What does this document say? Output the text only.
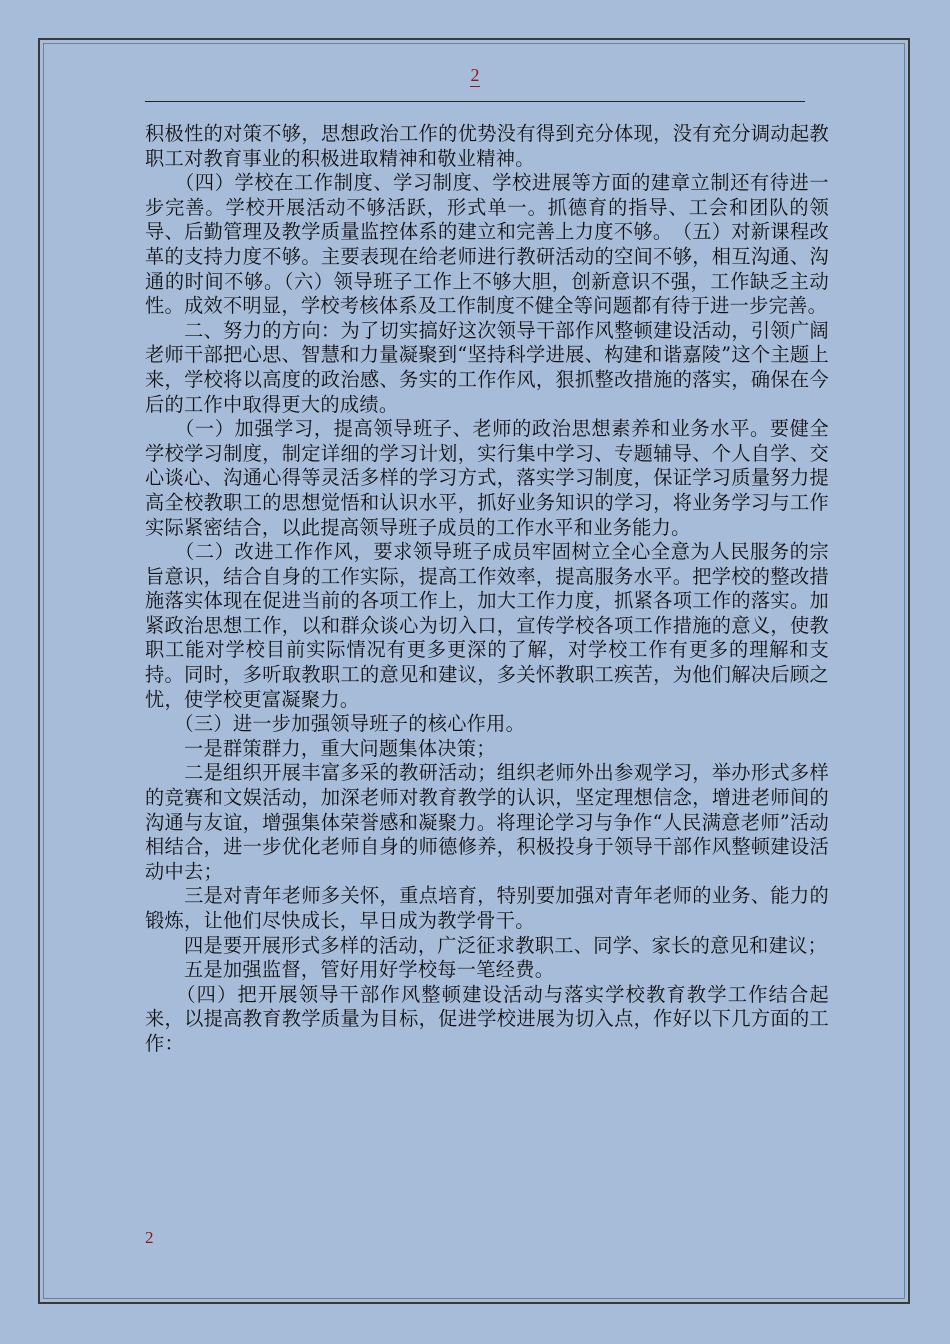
2

积极性的对策不够，思想政治工作的优势没有得到充分体现，没有充分调动起教职工对教育事业的积极进取精神和敬业精神。

　　（四）学校在工作制度、学习制度、学校进展等方面的建章立制还有待进一步完善。学校开展活动不够活跃，形式单一。抓德育的指导、工会和团队的领导、后勤管理及教学质量监控体系的建立和完善上力度不够。　（五）对新课程改革的支持力度不够。主要表现在给老师进行教研活动的空间不够，相互沟通、沟通的时间不够。（六）领导班子工作上不够大胆，创新意识不强，工作缺乏主动性。成效不明显，学校考核体系及工作制度不健全等问题都有待于进一步完善。

　　二、努力的方向：为了切实搞好这次领导干部作风整顿建设活动，引领广阔老师干部把心思、智慧和力量凝聚到“坚持科学进展、构建和谐嘉陵”这个主题上来，学校将以高度的政治感、务实的工作作风，狠抓整改措施的落实，确保在今后的工作中取得更大的成绩。

　　（一）加强学习，提高领导班子、老师的政治思想素养和业务水平。要健全学校学习制度，制定详细的学习计划，实行集中学习、专题辅导、个人自学、交心谈心、沟通心得等灵活多样的学习方式，落实学习制度，保证学习质量努力提高全校教职工的思想觉悟和认识水平，抓好业务知识的学习，将业务学习与工作实际紧密结合，以此提高领导班子成员的工作水平和业务能力。

　　（二）改进工作作风，要求领导班子成员牢固树立全心全意为人民服务的宗旨意识，结合自身的工作实际，提高工作效率，提高服务水平。把学校的整改措施落实体现在促进当前的各项工作上，加大工作力度，抓紧各项工作的落实。加紧政治思想工作，以和群众谈心为切入口，宣传学校各项工作措施的意义，使教职工能对学校目前实际情况有更多更深的了解，对学校工作有更多的理解和支持。同时，多听取教职工的意见和建议，多关怀教职工疾苦，为他们解决后顾之忧，使学校更富凝聚力。

　　（三）进一步加强领导班子的核心作用。

　　一是群策群力，重大问题集体决策；

　　二是组织开展丰富多采的教研活动；组织老师外出参观学习，举办形式多样的竞赛和文娱活动，加深老师对教育教学的认识，坚定理想信念，增进老师间的沟通与友谊，增强集体荣誉感和凝聚力。将理论学习与争作“人民满意老师”活动相结合，进一步优化老师自身的师德修养，积极投身于领导干部作风整顿建设活动中去；

　　三是对青年老师多关怀，重点培育，特别要加强对青年老师的业务、能力的锻炼，让他们尽快成长，早日成为教学骨干。

　　四是要开展形式多样的活动，广泛征求教职工、同学、家长的意见和建议；

　　五是加强监督，管好用好学校每一笔经费。

　　（四）把开展领导干部作风整顿建设活动与落实学校教育教学工作结合起来，以提高教育教学质量为目标，促进学校进展为切入点，作好以下几方面的工作：

2
